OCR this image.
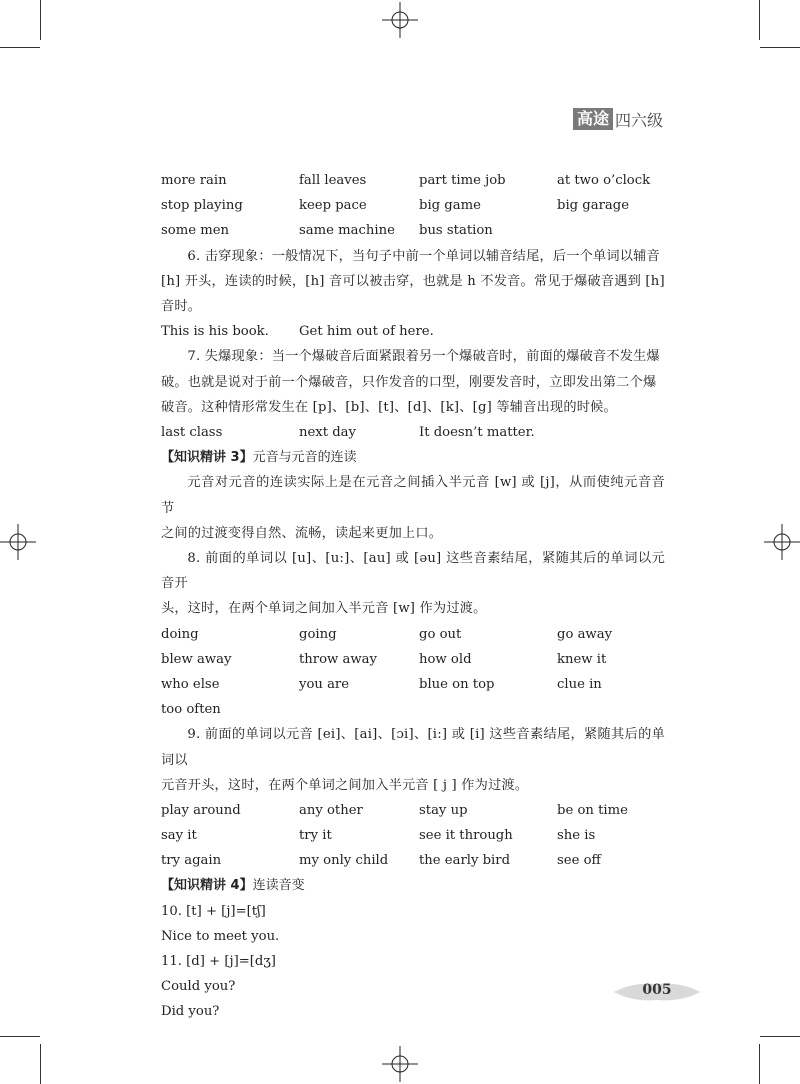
高途 四六级
more rain	fall leaves	part time job	at two o’clock
stop playing	keep pace	big game	big garage
some men	same machine	bus station
6. 击穿现象：一般情况下，当句子中前一个单词以辅音结尾，后一个单词以辅音
[h] 开头，连读的时候，[h] 音可以被击穿，也就是 h 不发音。常见于爆破音遇到 [h]
音时。
This is his book.	Get him out of here.
7. 失爆现象：当一个爆破音后面紧跟着另一个爆破音时，前面的爆破音不发生爆
破。也就是说对于前一个爆破音，只作发音的口型，刚要发音时，立即发出第二个爆
破音。这种情形常发生在 [p]、[b]、[t]、[d]、[k]、[g] 等辅音出现的时候。
last class	next day	It doesn’t matter.
【知识精讲 3】 元音与元音的连读
元音对元音的连读实际上是在元音之间插入半元音 [w] 或 [j]，从而使纯元音音节
之间的过渡变得自然、流畅，读起来更加上口。
8. 前面的单词以 [u]、[u:]、[au] 或 [əu] 这些音素结尾，紧随其后的单词以元音开
头，这时，在两个单词之间加入半元音 [w] 作为过渡。
doing	going	go out	go away
blew away	throw away	how old	knew it
who else	you are	blue on top	clue in
too often
9. 前面的单词以元音 [ei]、[ai]、[ɔi]、[i:] 或 [i] 这些音素结尾，紧随其后的单词以
元音开头，这时，在两个单词之间加入半元音 [ j ] 作为过渡。
play around	any other	stay up	be on time
say it	try it	see it through	she is
try again	my only child	the early bird	see off
【知识精讲 4】 连读音变
10. [t] + [j]=[tʃ]
Nice to meet you.
11. [d] + [j]=[dʒ]
Could you?
Did you?
005
